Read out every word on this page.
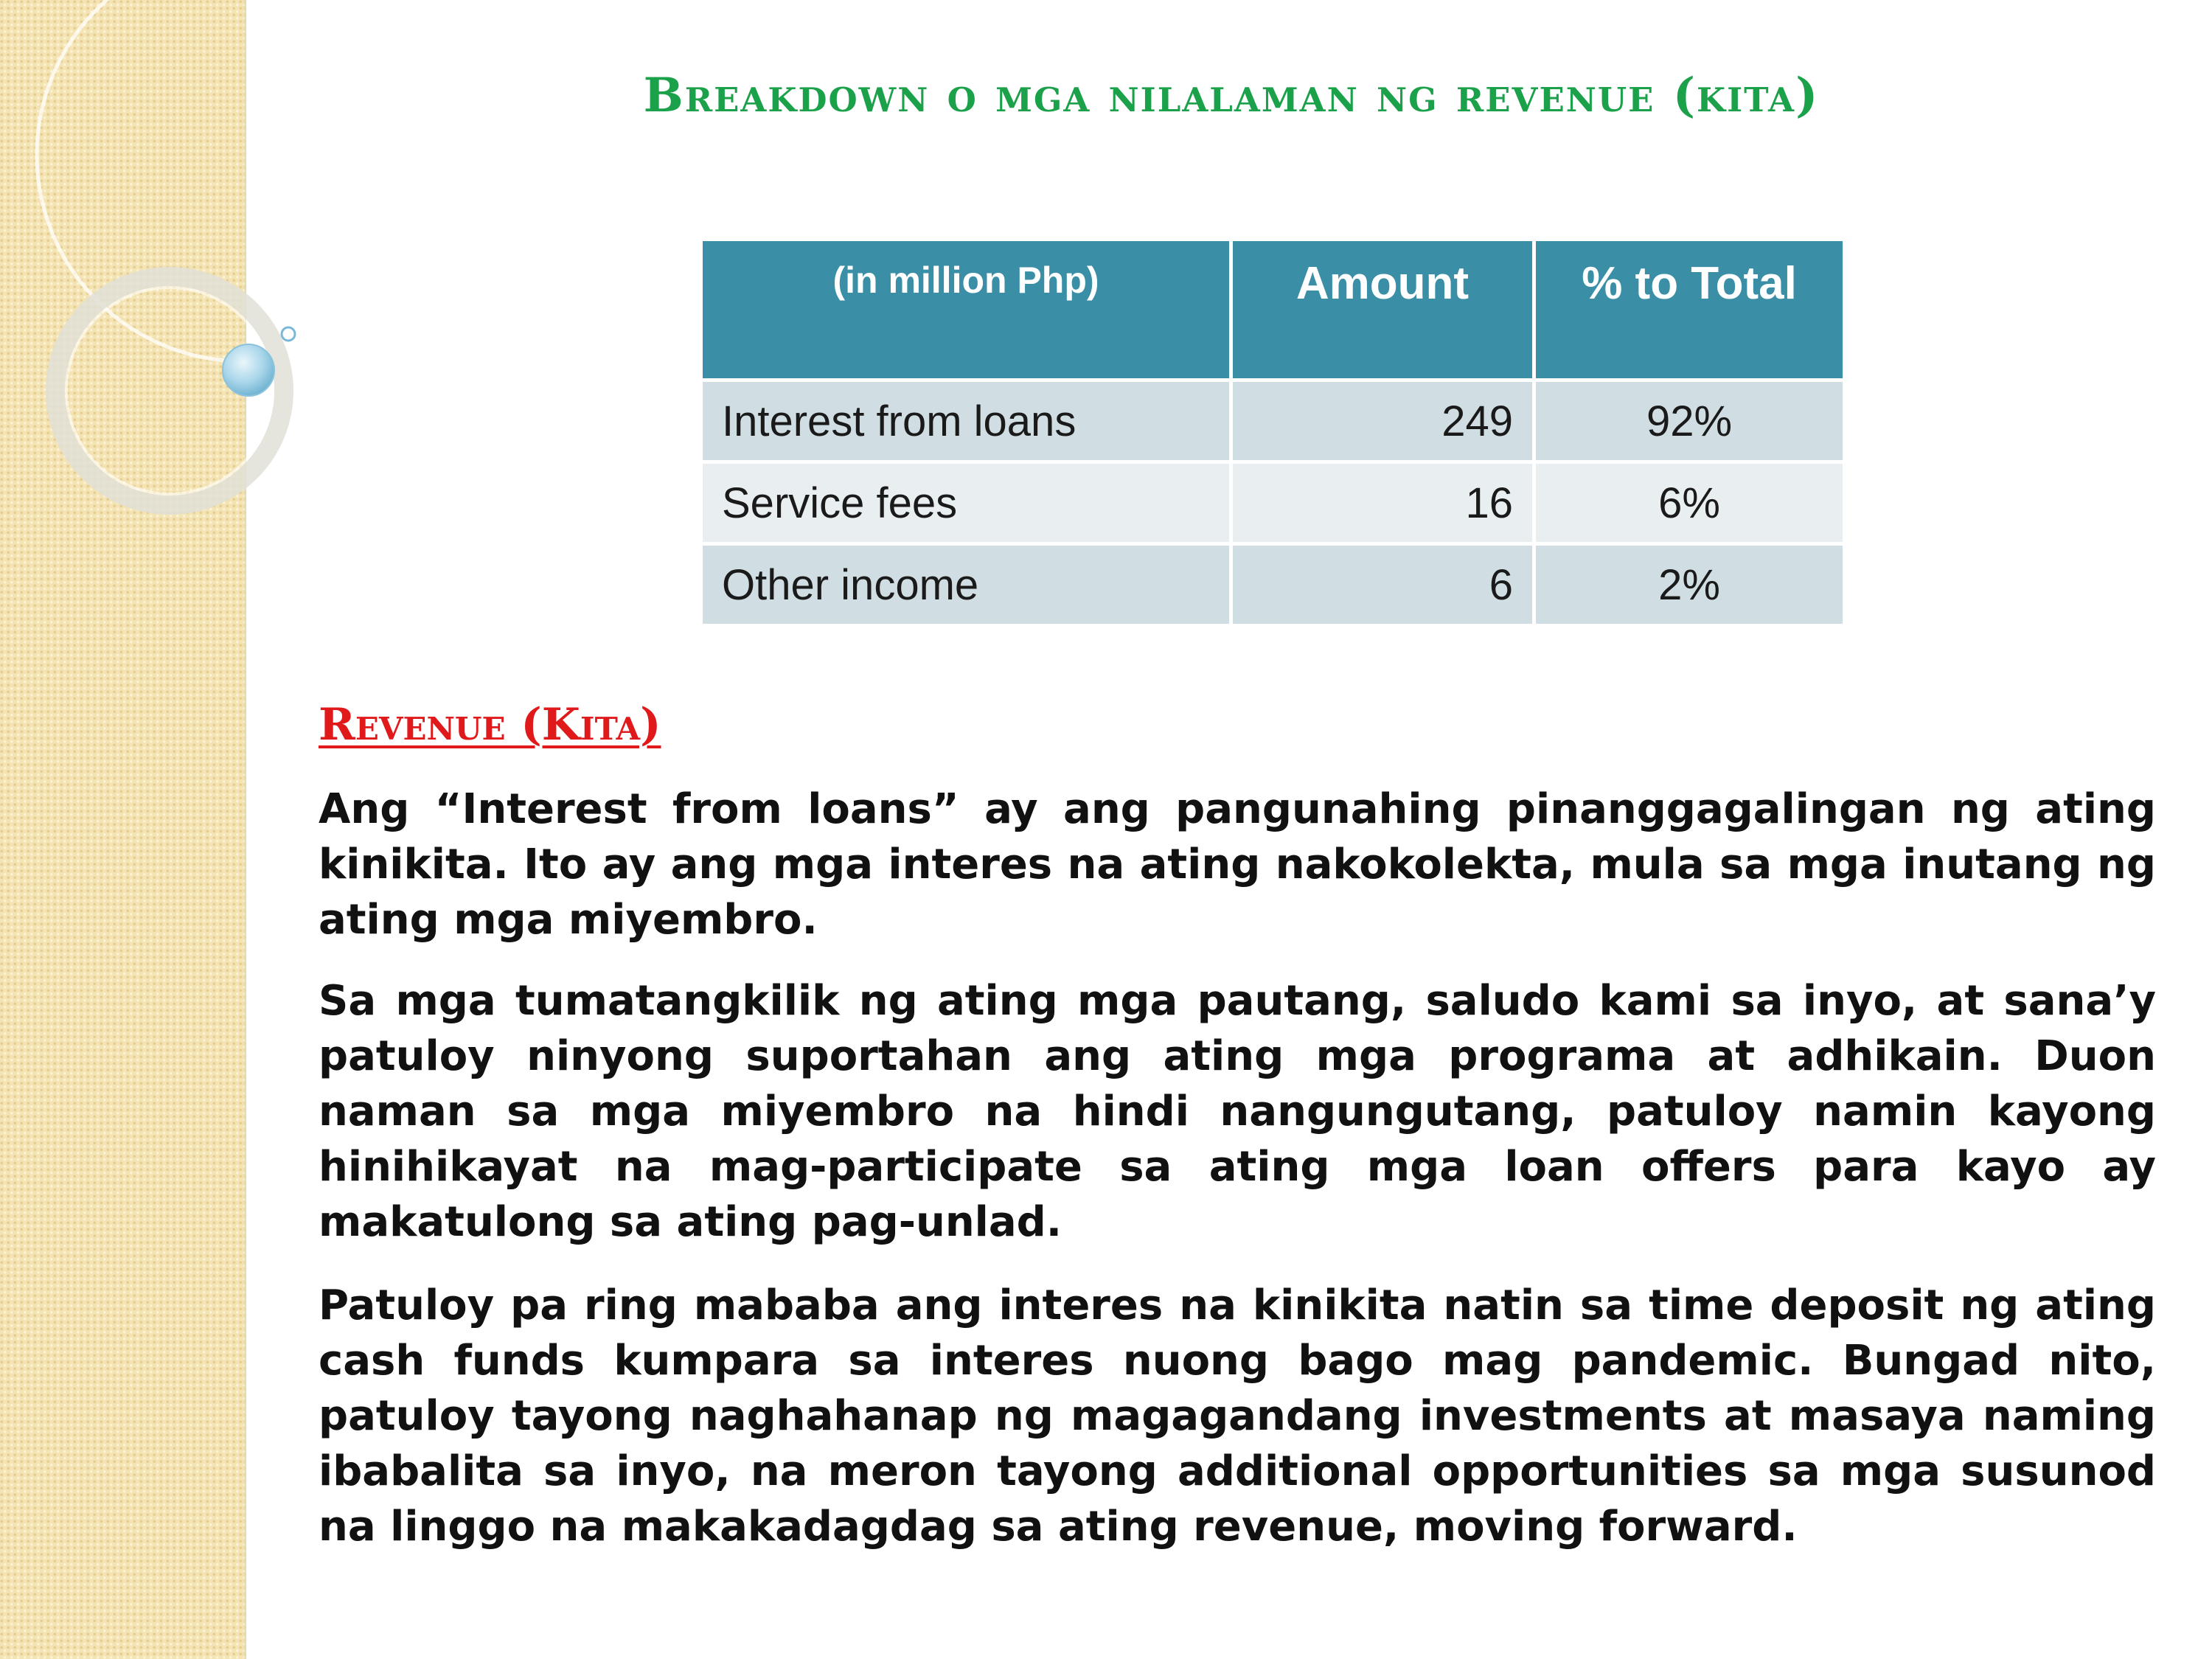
Breakdown o mga nilalaman ng revenue (kita)
(in million Php)	Amount	% to Total
Interest from loans	249	92%
Service fees	16	6%
Other income	6	2%
Revenue (Kita)

Ang “Interest from loans” ay ang pangunahing pinanggagalingan ng ating kinikita. Ito ay ang mga interes na ating nakokolekta, mula sa mga inutang ng ating mga miyembro.

Sa mga tumatangkilik ng ating mga pautang, saludo kami sa inyo, at sana’y patuloy ninyong suportahan ang ating mga programa at adhikain. Duon naman sa mga miyembro na hindi nangungutang, patuloy namin kayong hinihikayat na mag-participate sa ating mga loan offers para kayo ay makatulong sa ating pag-unlad.

Patuloy pa ring mababa ang interes na kinikita natin sa time deposit ng ating cash funds kumpara sa interes nuong bago mag pandemic. Bungad nito, patuloy tayong naghahanap ng magagandang investments at masaya naming ibabalita sa inyo, na meron tayong additional opportunities sa mga susunod na linggo na makakadagdag sa ating revenue, moving forward.
